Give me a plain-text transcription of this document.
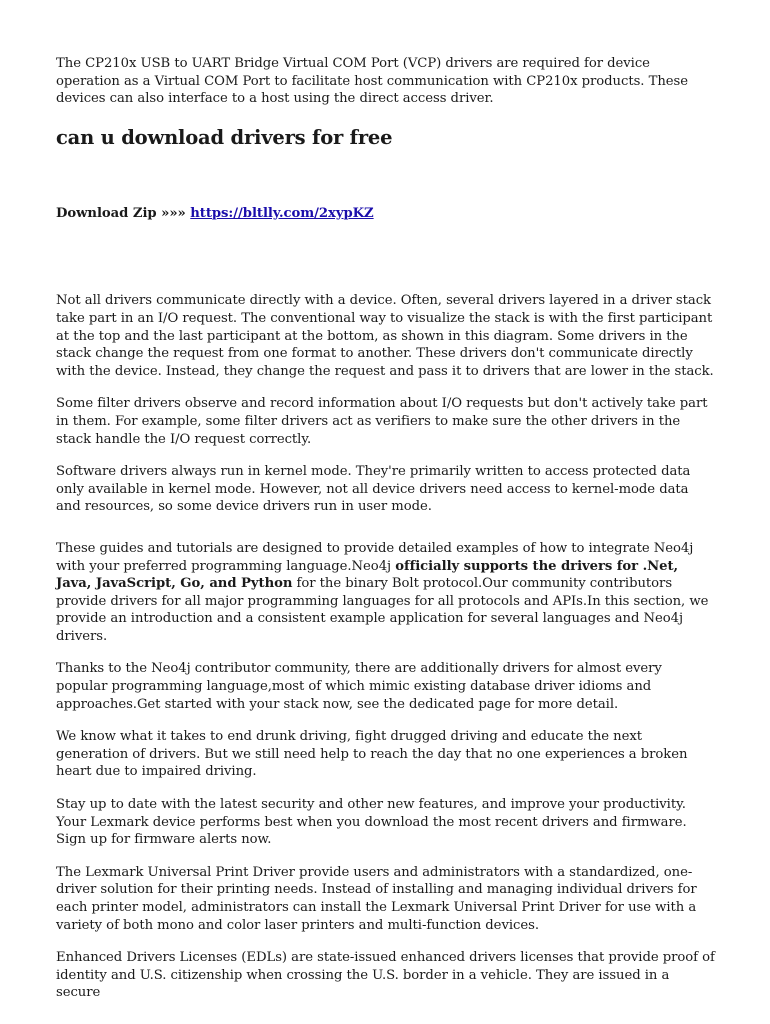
The CP210x USB to UART Bridge Virtual COM Port (VCP) drivers are required for device operation as a Virtual COM Port to facilitate host communication with CP210x products. These devices can also interface to a host using the direct access driver.

can u download drivers for free

Download Zip »»» https://bltlly.com/2xypKZ

Not all drivers communicate directly with a device. Often, several drivers layered in a driver stack take part in an I/O request. The conventional way to visualize the stack is with the first participant at the top and the last participant at the bottom, as shown in this diagram. Some drivers in the stack change the request from one format to another. These drivers don't communicate directly with the device. Instead, they change the request and pass it to drivers that are lower in the stack.

Some filter drivers observe and record information about I/O requests but don't actively take part in them. For example, some filter drivers act as verifiers to make sure the other drivers in the stack handle the I/O request correctly.

Software drivers always run in kernel mode. They're primarily written to access protected data only available in kernel mode. However, not all device drivers need access to kernel-mode data and resources, so some device drivers run in user mode.

These guides and tutorials are designed to provide detailed examples of how to integrate Neo4j with your preferred programming language.Neo4j officially supports the drivers for .Net, Java, JavaScript, Go, and Python for the binary Bolt protocol.Our community contributors provide drivers for all major programming languages for all protocols and APIs.In this section, we provide an introduction and a consistent example application for several languages and Neo4j drivers.

Thanks to the Neo4j contributor community, there are additionally drivers for almost every popular programming language,most of which mimic existing database driver idioms and approaches.Get started with your stack now, see the dedicated page for more detail.

We know what it takes to end drunk driving, fight drugged driving and educate the next generation of drivers. But we still need help to reach the day that no one experiences a broken heart due to impaired driving.

Stay up to date with the latest security and other new features, and improve your productivity. Your Lexmark device performs best when you download the most recent drivers and firmware. Sign up for firmware alerts now.

The Lexmark Universal Print Driver provide users and administrators with a standardized, one-driver solution for their printing needs. Instead of installing and managing individual drivers for each printer model, administrators can install the Lexmark Universal Print Driver for use with a variety of both mono and color laser printers and multi-function devices.

Enhanced Drivers Licenses (EDLs) are state-issued enhanced drivers licenses that provide proof of identity and U.S. citizenship when crossing the U.S. border in a vehicle. They are issued in a secure
